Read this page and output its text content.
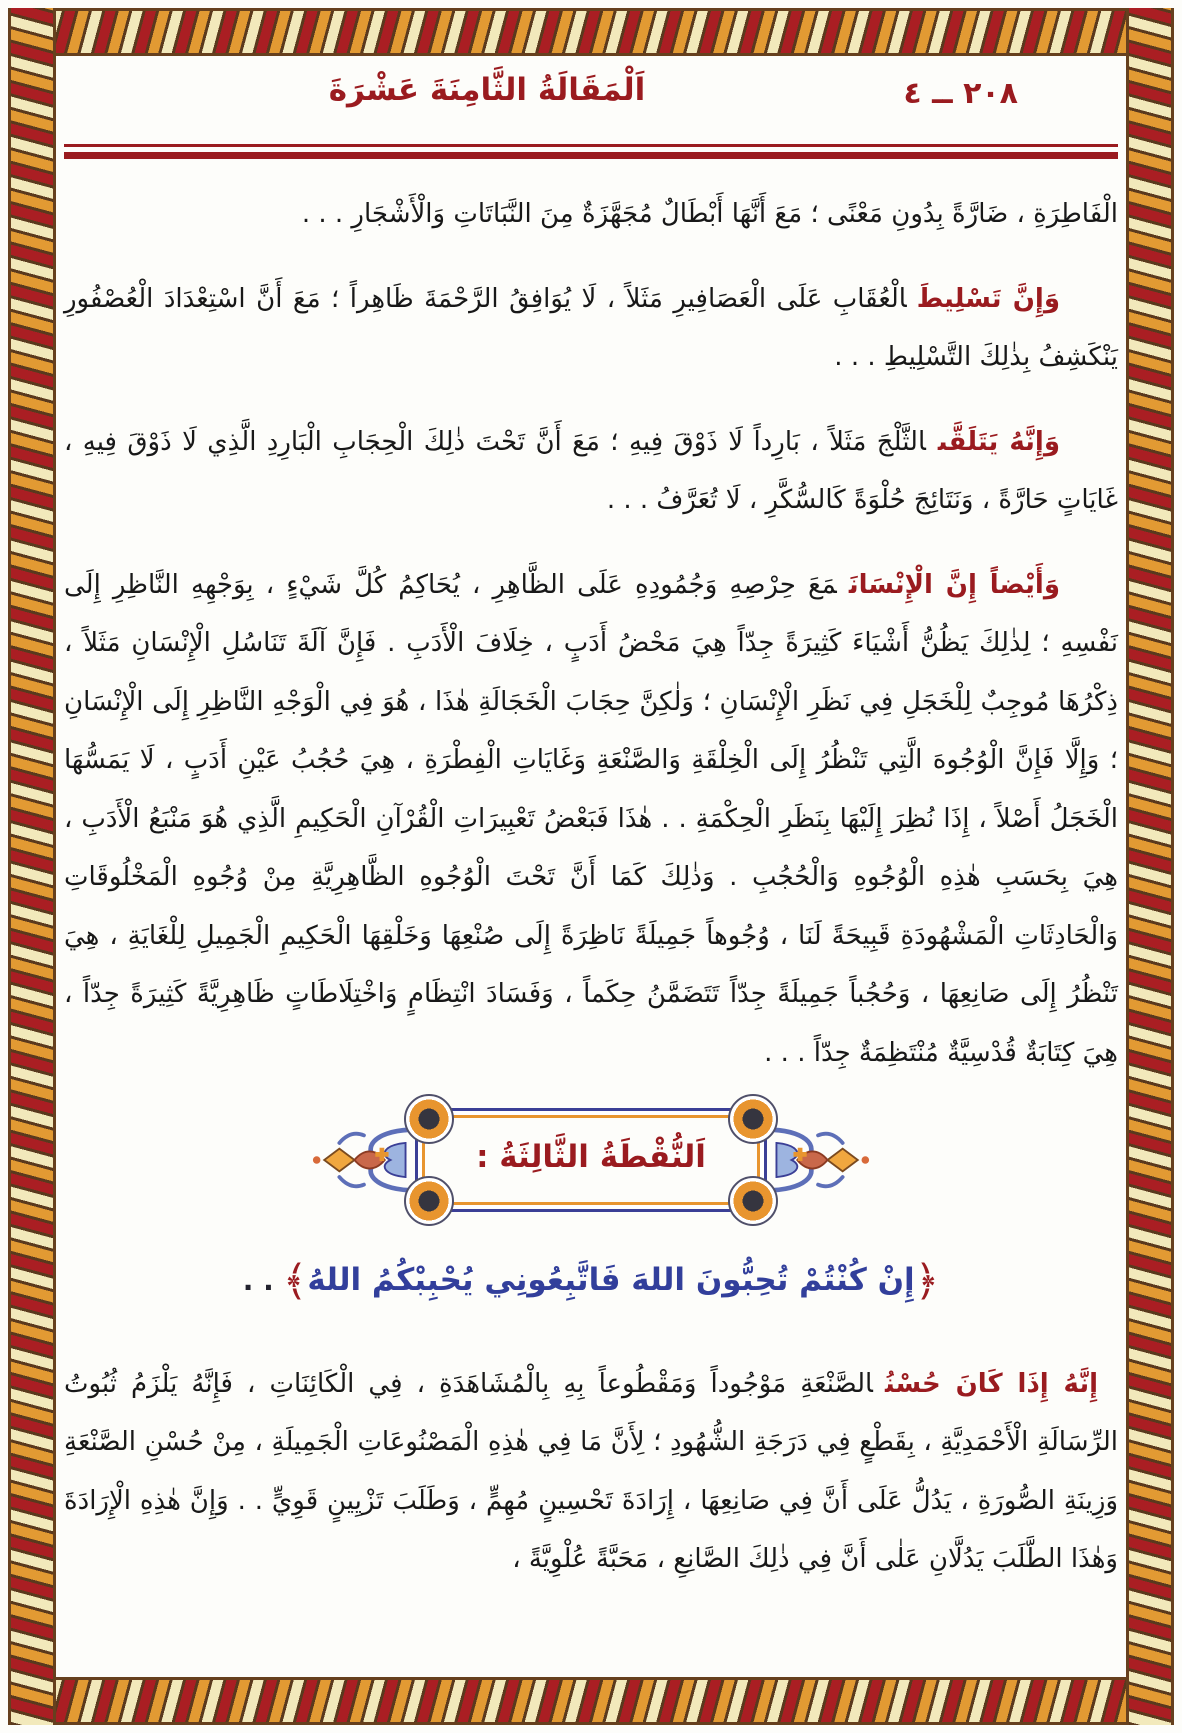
٢٠٨ ــ ٤
اَلْمَقَالَةُ الثَّامِنَةَ عَشْرَةَ

الْفَاطِرَةِ ، ضَارَّةً بِدُونِ مَعْنًى ؛ مَعَ أَنَّهَا أَبْطَالٌ مُجَهَّزَةٌ مِنَ النَّبَاتَاتِ وَالْأَشْجَارِ . . .

وَإِنَّ تَسْلِيطَالْعُقَابِ عَلَى الْعَصَافِيرِ مَثَلاً ، لَا يُوَافِقُ الرَّحْمَةَ ظَاهِراً ؛ مَعَ أَنَّ اسْتِعْدَادَ الْعُصْفُورِ يَنْكَشِفُ بِذٰلِكَ التَّسْلِيطِ . . .

وَإِنَّهُ يَتَلَقَّىالثَّلْجَ مَثَلاً ، بَارِداً لَا ذَوْقَ فِيهِ ؛ مَعَ أَنَّ تَحْتَ ذٰلِكَ الْحِجَابِ الْبَارِدِ الَّذِي لَا ذَوْقَ فِيهِ ، غَايَاتٍ حَارَّةً ، وَنَتَائِجَ حُلْوَةً كَالسُّكَّرِ ، لَا تُعَرَّفُ . . .

وَأَيْضاً إِنَّ الْإِنْسَانَمَعَ حِرْصِهِ وَجُمُودِهِ عَلَى الظَّاهِرِ ، يُحَاكِمُ كُلَّ شَيْءٍ ، بِوَجْهِهِ النَّاظِرِ إِلَى نَفْسِهِ ؛ لِذٰلِكَ يَظُنُّ أَشْيَاءَ كَثِيرَةً جِدّاً هِيَ مَحْضُ أَدَبٍ ، خِلَافَ الْأَدَبِ . فَإِنَّ آلَةَ تَنَاسُلِ الْإِنْسَانِ مَثَلاً ، ذِكْرُهَا مُوجِبٌ لِلْخَجَلِ فِي نَظَرِ الْإِنْسَانِ ؛ وَلٰكِنَّ حِجَابَ الْخَجَالَةِ هٰذَا ، هُوَ فِي الْوَجْهِ النَّاظِرِ إِلَى الْإِنْسَانِ ؛ وَإِلَّا فَإِنَّ الْوُجُوهَ الَّتِي تَنْظُرُ إِلَى الْخِلْقَةِ وَالصَّنْعَةِ وَغَايَاتِ الْفِطْرَةِ ، هِيَ حُجُبُ عَيْنِ أَدَبٍ ، لَا يَمَسُّهَا الْخَجَلُ أَصْلاً ، إِذَا نُظِرَ إِلَيْهَا بِنَظَرِ الْحِكْمَةِ . . هٰذَا فَبَعْضُ تَعْبِيرَاتِ الْقُرْآنِ الْحَكِيمِ الَّذِي هُوَ مَنْبَعُ الْأَدَبِ ، هِيَ بِحَسَبِ هٰذِهِ الْوُجُوهِ وَالْحُجُبِ . وَذٰلِكَ كَمَا أَنَّ تَحْتَ الْوُجُوهِ الظَّاهِرِيَّةِ مِنْ وُجُوهِ الْمَخْلُوقَاتِ وَالْحَادِثَاتِ الْمَشْهُودَةِ قَبِيحَةً لَنَا ، وُجُوهاً جَمِيلَةً نَاظِرَةً إِلَى صُنْعِهَا وَخَلْقِهَا الْحَكِيمِ الْجَمِيلِ لِلْغَايَةِ ، هِيَ تَنْظُرُ إِلَى صَانِعِهَا ، وَحُجُباً جَمِيلَةً جِدّاً تَتَضَمَّنُ حِكَماً ، وَفَسَادَ انْتِظَامٍ وَاخْتِلَاطَاتٍ ظَاهِرِيَّةً كَثِيرَةً جِدّاً ، هِيَ كِتَابَةٌ قُدْسِيَّةٌ مُنْتَظِمَةٌ جِدّاً . . .

اَلنُّقْطَةُ الثَّالِثَةُ :
﴿إِنْ كُنْتُمْ تُحِبُّونَ اللهَ فَاتَّبِعُونِي يُحْبِبْكُمُ اللهُ﴾ . .

إِنَّهُ إِذَا كَانَ حُسْنُالصَّنْعَةِ مَوْجُوداً وَمَقْطُوعاً بِهِ بِالْمُشَاهَدَةِ ، فِي الْكَائِنَاتِ ، فَإِنَّهُ يَلْزَمُ ثُبُوتُ الرِّسَالَةِ الْأَحْمَدِيَّةِ ، بِقَطْعٍ فِي دَرَجَةِ الشُّهُودِ ؛ لِأَنَّ مَا فِي هٰذِهِ الْمَصْنُوعَاتِ الْجَمِيلَةِ ، مِنْ حُسْنِ الصَّنْعَةِ وَزِينَةِ الصُّورَةِ ، يَدُلُّ عَلَى أَنَّ فِي صَانِعِهَا ، إِرَادَةَ تَحْسِينٍ مُهِمٍّ ، وَطَلَبَ تَزْيِينٍ قَوِيٍّ . . وَإِنَّ هٰذِهِ الْإِرَادَةَ وَهٰذَا الطَّلَبَ يَدُلَّانِ عَلٰى أَنَّ فِي ذٰلِكَ الصَّانِعِ ، مَحَبَّةً عُلْوِيَّةً ،
